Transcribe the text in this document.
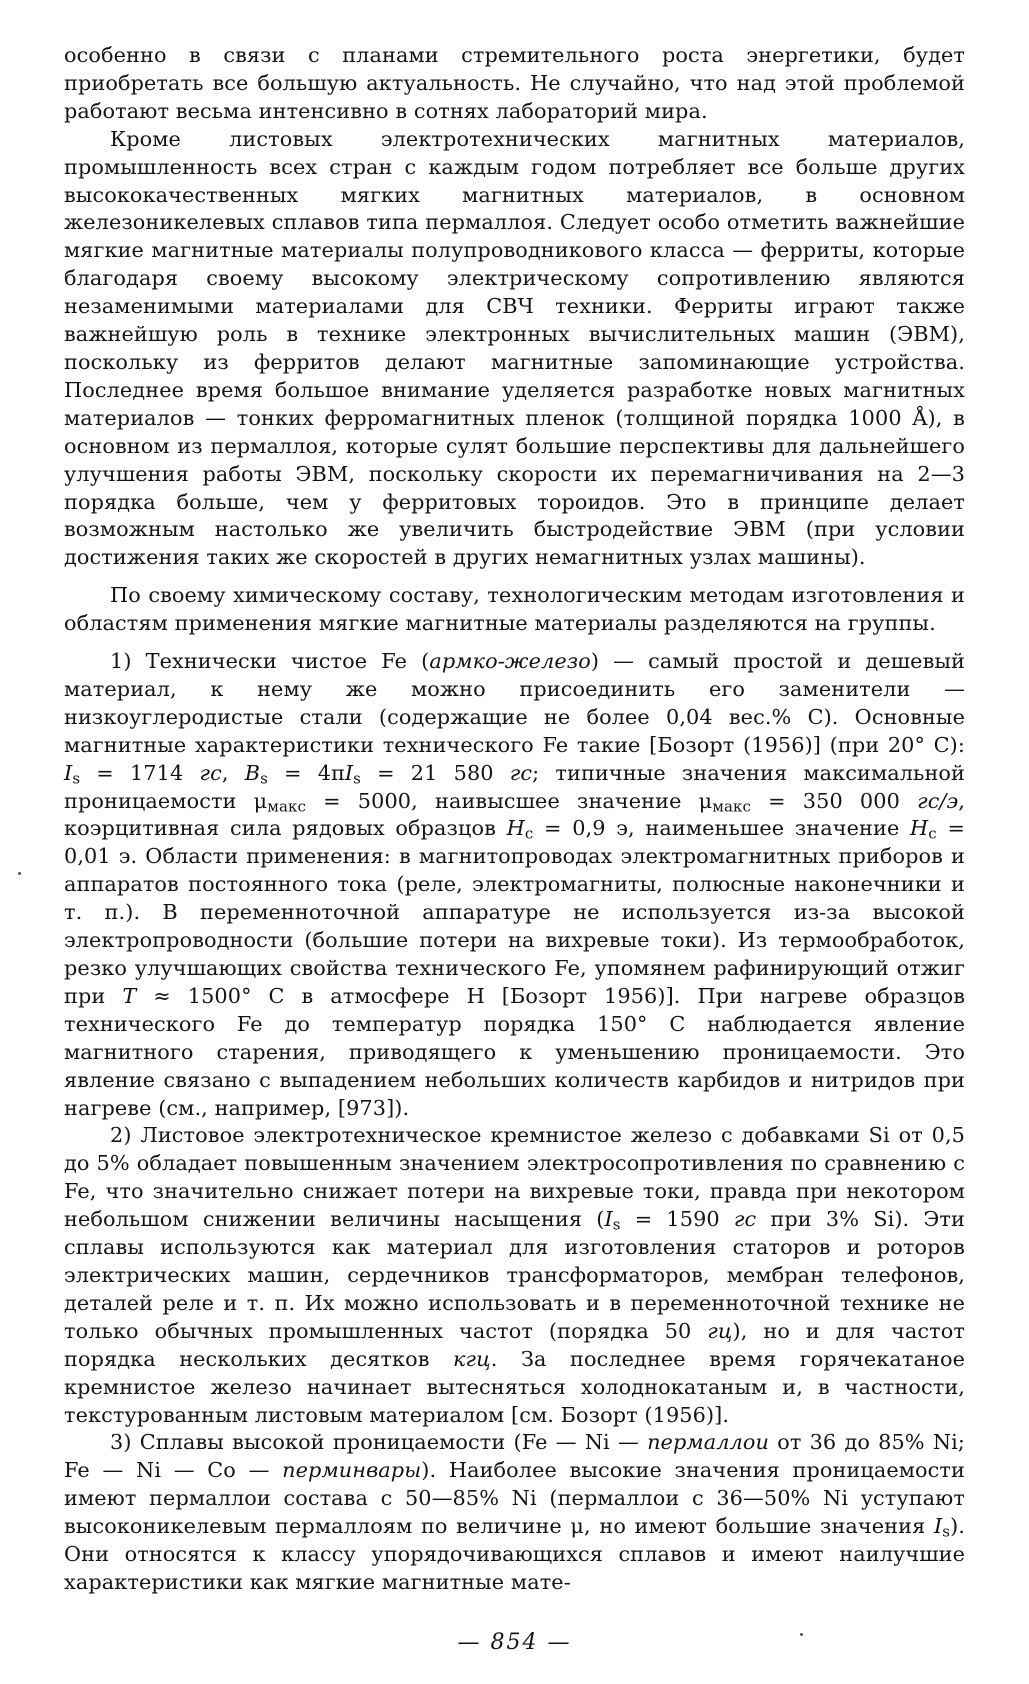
особенно в связи с планами стремительного роста энергетики, будет приобретать все большую актуальность. Не случайно, что над этой проблемой работают весьма интенсивно в сотнях лабораторий мира.

Кроме листовых электротехнических магнитных материалов, промышленность всех стран с каждым годом потребляет все больше других высококачественных мягких магнитных материалов, в основном железоникелевых сплавов типа пермаллоя. Следует особо отметить важнейшие мягкие магнитные материалы полупроводникового класса — ферриты, которые благодаря своему высокому электрическому сопротивлению являются незаменимыми материалами для СВЧ техники. Ферриты играют также важнейшую роль в технике электронных вычислительных машин (ЭВМ), поскольку из ферритов делают магнитные запоминающие устройства. Последнее время большое внимание уделяется разработке новых магнитных материалов — тонких ферромагнитных пленок (толщиной порядка 1000 Å), в основном из пермаллоя, которые сулят большие перспективы для дальнейшего улучшения работы ЭВМ, поскольку скорости их перемагничивания на 2—3 порядка больше, чем у ферритовых тороидов. Это в принципе делает возможным настолько же увеличить быстродействие ЭВМ (при условии достижения таких же скоростей в других немагнитных узлах машины).

По своему химическому составу, технологическим методам изготовления и областям применения мягкие магнитные материалы разделяются на группы.

1) Технически чистое Fe (армко-железо) — самый простой и дешевый материал, к нему же можно присоединить его заменители — низкоуглеродистые стали (содержащие не более 0,04 вес.% С). Основные магнитные характеристики технического Fe такие [Бозорт (1956)] (при 20° С): $I_s = 1714$ гс, $B_s = 4\pi I_s = 21$ 580 гс; типичные значения максимальной проницаемости $\mu_{макс} = 5000$, наивысшее значение $\mu_{макс} = 350$ 000 гс/э, коэрцитивная сила рядовых образцов $H_c = 0,9$ э, наименьшее значение $H_c = 0,01$ э. Области применения: в магнитопроводах электромагнитных приборов и аппаратов постоянного тока (реле, электромагниты, полюсные наконечники и т. п.). В переменноточной аппаратуре не используется из-за высокой электропроводности (большие потери на вихревые токи). Из термообработок, резко улучшающих свойства технического Fe, упомянем рафинирующий отжиг при T ≈ 1500° С в атмосфере Н [Бозорт 1956)]. При нагреве образцов технического Fe до температур порядка 150° С наблюдается явление магнитного старения, приводящего к уменьшению проницаемости. Это явление связано с выпадением небольших количеств карбидов и нитридов при нагреве (см., например, [973]).

2) Листовое электротехническое кремнистое железо с добавками Si от 0,5 до 5% обладает повышенным значением электросопротивления по сравнению с Fe, что значительно снижает потери на вихревые токи, правда при некотором небольшом снижении величины насыщения ($I_s = 1590$ гс при 3% Si). Эти сплавы используются как материал для изготовления статоров и роторов электрических машин, сердечников трансформаторов, мембран телефонов, деталей реле и т. п. Их можно использовать и в переменноточной технике не только обычных промышленных частот (порядка 50 гц), но и для частот порядка нескольких десятков кгц. За последнее время горячекатаное кремнистое железо начинает вытесняться холоднокатаным и, в частности, текстурованным листовым материалом [см. Бозорт (1956)].

3) Сплавы высокой проницаемости (Fe — Ni — пермаллои от 36 до 85% Ni; Fe — Ni — Co — перминвары). Наиболее высокие значения проницаемости имеют пермаллои состава с 50—85% Ni (пермаллои с 36—50% Ni уступают высоконикелевым пермаллоям по величине μ, но имеют большие значения $I_s$). Они относятся к классу упорядочивающихся сплавов и имеют наилучшие характеристики как мягкие магнитные мате-

— 854 —
